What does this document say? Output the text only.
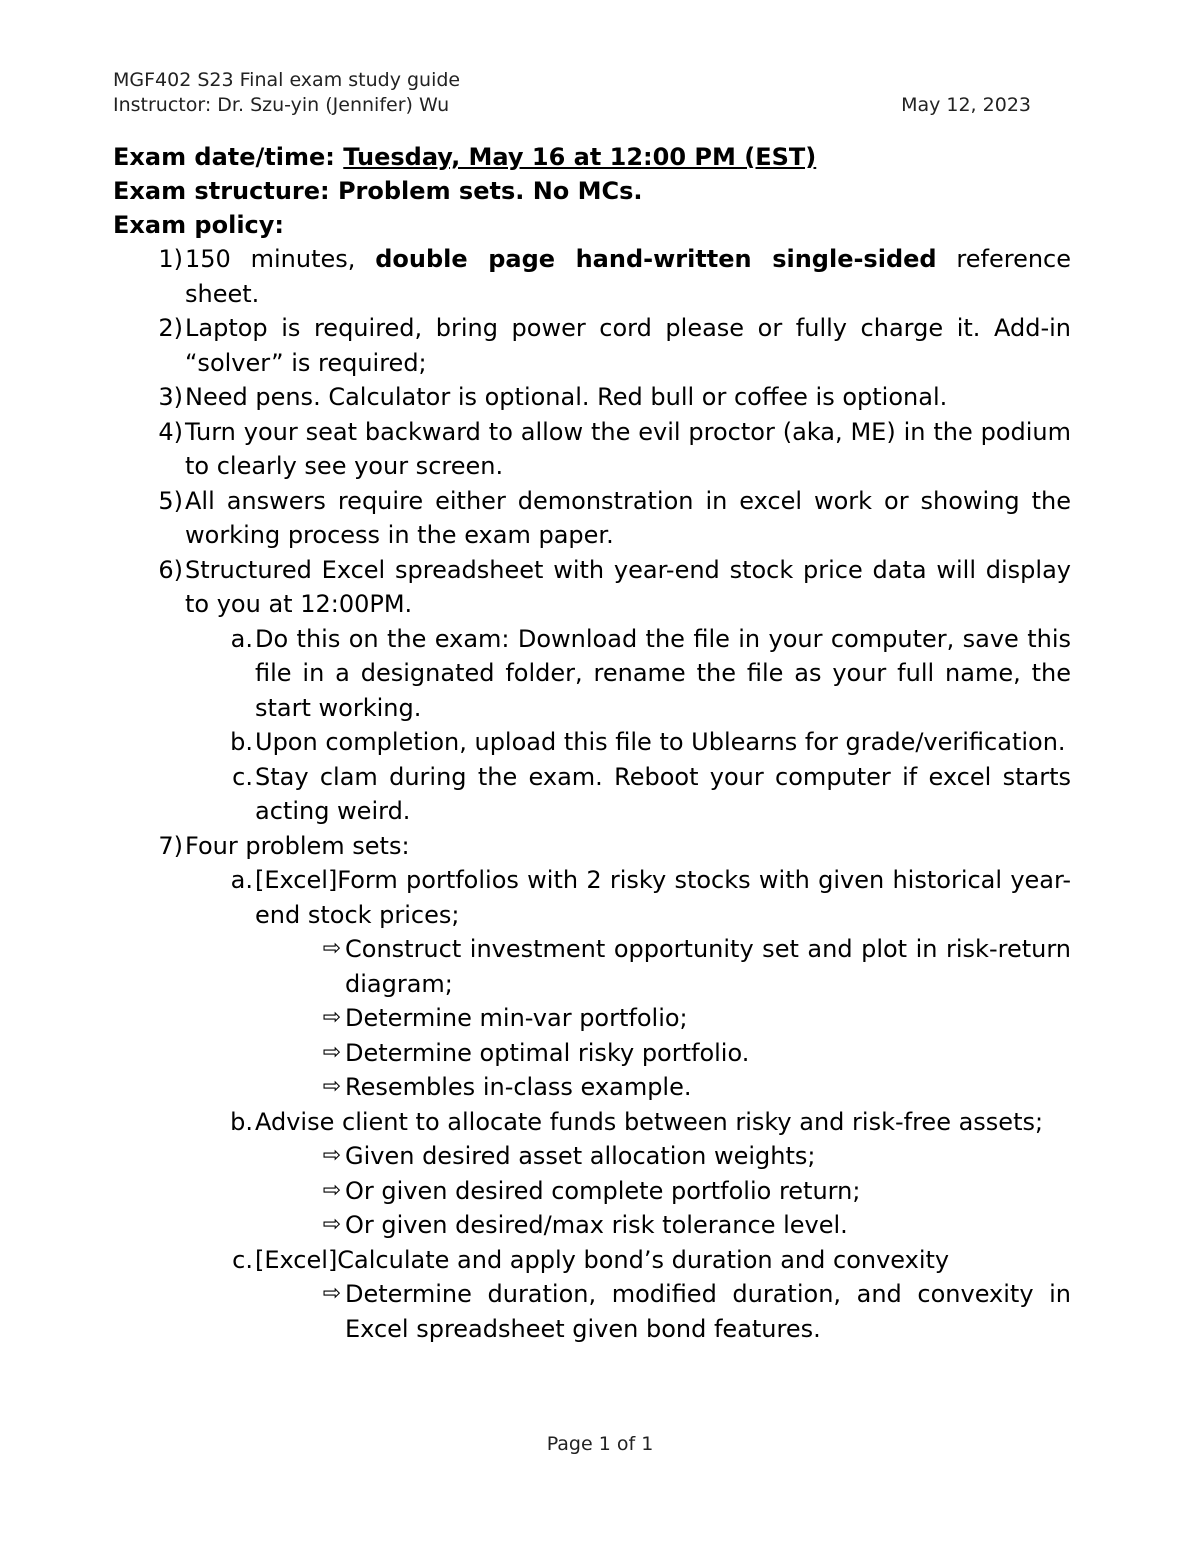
MGF402 S23 Final exam study guide
Instructor: Dr. Szu-yin (Jennifer) Wu	May 12, 2023
Exam date/time: Tuesday, May 16 at 12:00 PM (EST)
Exam structure: Problem sets. No MCs.
Exam policy:
1) 150 minutes, double page hand-written single-sided reference sheet.
2) Laptop is required, bring power cord please or fully charge it. Add-in “solver” is required;
3) Need pens. Calculator is optional. Red bull or coffee is optional.
4) Turn your seat backward to allow the evil proctor (aka, ME) in the podium to clearly see your screen.
5) All answers require either demonstration in excel work or showing the working process in the exam paper.
6) Structured Excel spreadsheet with year-end stock price data will display to you at 12:00PM.
a. Do this on the exam: Download the file in your computer, save this file in a designated folder, rename the file as your full name, the start working.
b. Upon completion, upload this file to Ublearns for grade/verification.
c. Stay clam during the exam. Reboot your computer if excel starts acting weird.
7) Four problem sets:
a. [Excel]Form portfolios with 2 risky stocks with given historical year-end stock prices;
⇨ Construct investment opportunity set and plot in risk-return diagram;
⇨ Determine min-var portfolio;
⇨ Determine optimal risky portfolio.
⇨ Resembles in-class example.
b. Advise client to allocate funds between risky and risk-free assets;
⇨ Given desired asset allocation weights;
⇨ Or given desired complete portfolio return;
⇨ Or given desired/max risk tolerance level.
c. [Excel]Calculate and apply bond’s duration and convexity
⇨ Determine duration, modified duration, and convexity in Excel spreadsheet given bond features.
Page 1 of 1
